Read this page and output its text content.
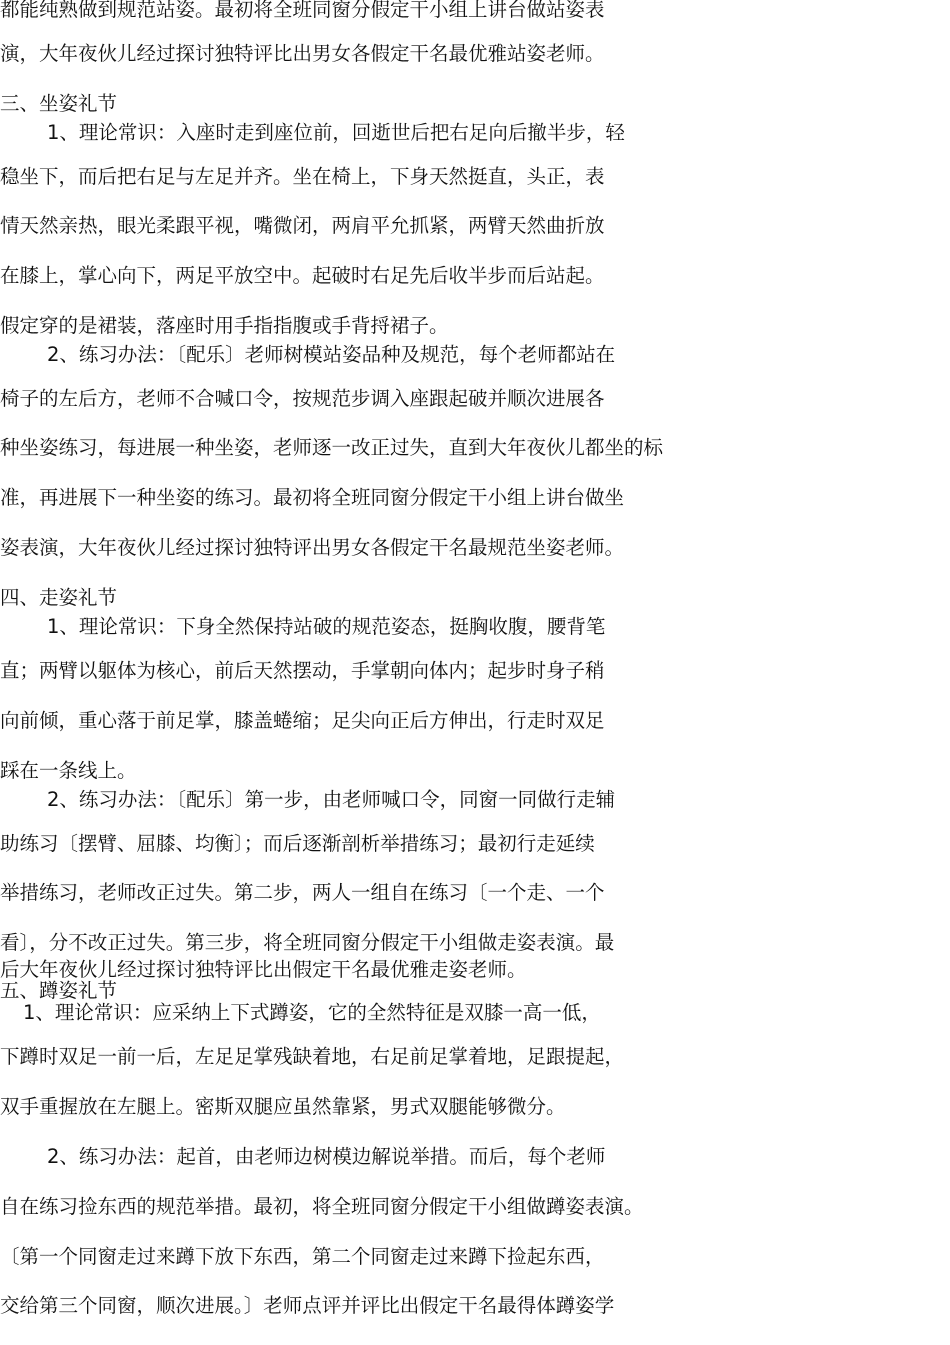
都能纯熟做到规范站姿。最初将全班同窗分假定干小组上讲台做站姿表
演，大年夜伙儿经过探讨独特评比出男女各假定干名最优雅站姿老师。
三、坐姿礼节
1、理论常识：入座时走到座位前，回逝世后把右足向后撤半步，轻
稳坐下，而后把右足与左足并齐。坐在椅上，下身天然挺直，头正，表
情天然亲热，眼光柔跟平视，嘴微闭，两肩平允抓紧，两臂天然曲折放
在膝上，掌心向下，两足平放空中。起破时右足先后收半步而后站起。
假定穿的是裙装，落座时用手指指腹或手背捋裙子。
2、练习办法：〔配乐〕老师树模站姿品种及规范，每个老师都站在
椅子的左后方，老师不合喊口令，按规范步调入座跟起破并顺次进展各
种坐姿练习，每进展一种坐姿，老师逐一改正过失，直到大年夜伙儿都坐的标
准，再进展下一种坐姿的练习。最初将全班同窗分假定干小组上讲台做坐
姿表演，大年夜伙儿经过探讨独特评出男女各假定干名最规范坐姿老师。
四、走姿礼节
1、理论常识：下身全然保持站破的规范姿态，挺胸收腹，腰背笔
直；两臂以躯体为核心，前后天然摆动，手掌朝向体内；起步时身子稍
向前倾，重心落于前足掌，膝盖蜷缩；足尖向正后方伸出，行走时双足
踩在一条线上。
2、练习办法：〔配乐〕第一步，由老师喊口令，同窗一同做行走辅
助练习〔摆臂、屈膝、均衡〕；而后逐渐剖析举措练习；最初行走延续
举措练习，老师改正过失。第二步，两人一组自在练习〔一个走、一个
看〕，分不改正过失。第三步，将全班同窗分假定干小组做走姿表演。最
后大年夜伙儿经过探讨独特评比出假定干名最优雅走姿老师。
五、蹲姿礼节
1、理论常识：应采纳上下式蹲姿，它的全然特征是双膝一高一低，
下蹲时双足一前一后，左足足掌残缺着地，右足前足掌着地，足跟提起，
双手重握放在左腿上。密斯双腿应虽然靠紧，男式双腿能够微分。
2、练习办法：起首，由老师边树模边解说举措。而后，每个老师
自在练习捡东西的规范举措。最初，将全班同窗分假定干小组做蹲姿表演。
〔第一个同窗走过来蹲下放下东西，第二个同窗走过来蹲下捡起东西，
交给第三个同窗，顺次进展。〕老师点评并评比出假定干名最得体蹲姿学
